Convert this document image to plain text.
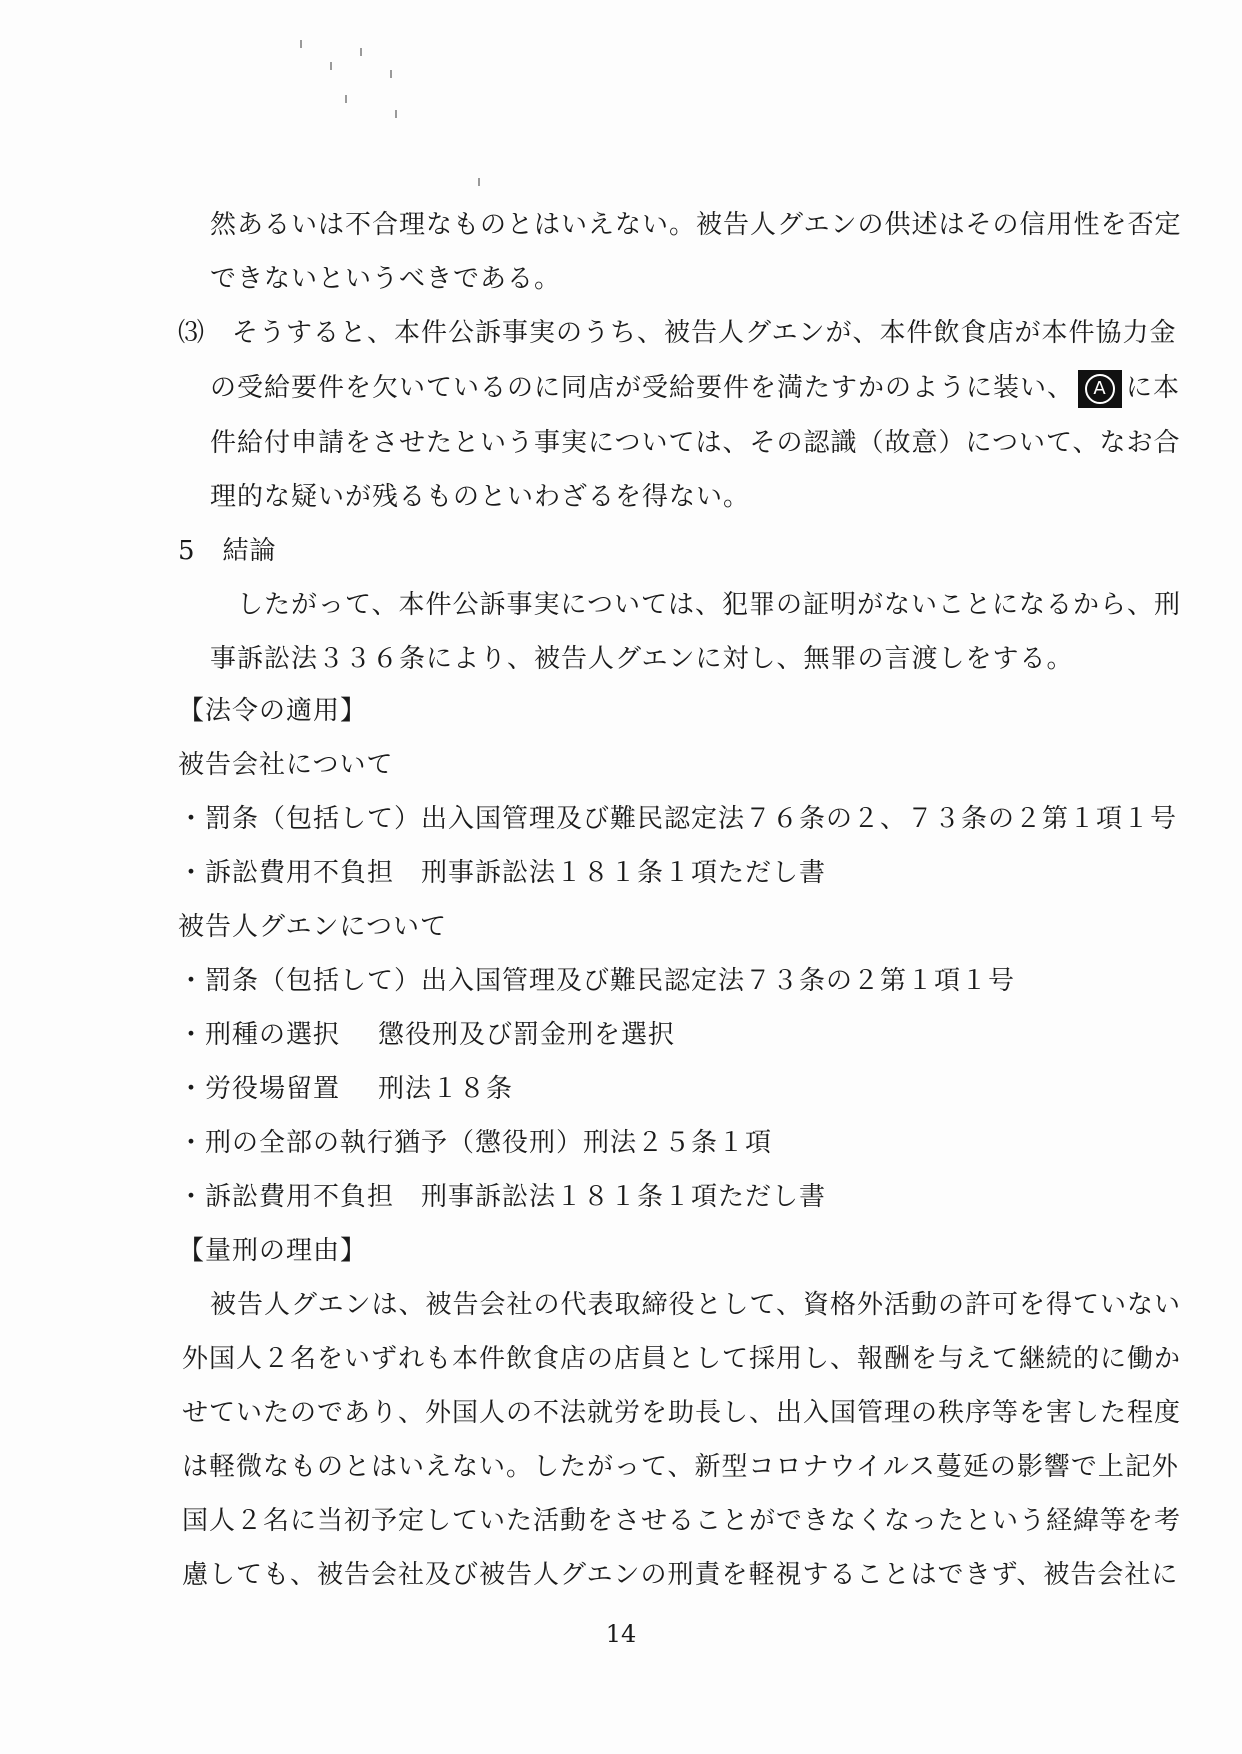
然あるいは不合理なものとはいえない。被告人グエンの供述はその信用性を否定
できないというべきである。
⑶　そうすると、本件公訴事実のうち、被告人グエンが、本件飲食店が本件協力金
の受給要件を欠いているのに同店が受給要件を満たすかのように装い、	A に本
件給付申請をさせたという事実については、その認識（故意）について、なお合
理的な疑いが残るものといわざるを得ない。
5　結論
　したがって、本件公訴事実については、犯罪の証明がないことになるから、刑
事訴訟法３３６条により、被告人グエンに対し、無罪の言渡しをする。
【法令の適用】
被告会社について
・罰条（包括して）出入国管理及び難民認定法７６条の２、７３条の２第１項１号
・訴訟費用不負担　刑事訴訟法１８１条１項ただし書
被告人グエンについて
・罰条（包括して）出入国管理及び難民認定法７３条の２第１項１号
・刑種の選択 懲役刑及び罰金刑を選択
・労役場留置 刑法１８条
・刑の全部の執行猶予（懲役刑）刑法２５条１項
・訴訟費用不負担　刑事訴訟法１８１条１項ただし書
【量刑の理由】
被告人グエンは、被告会社の代表取締役として、資格外活動の許可を得ていない
外国人２名をいずれも本件飲食店の店員として採用し、報酬を与えて継続的に働か
せていたのであり、外国人の不法就労を助長し、出入国管理の秩序等を害した程度
は軽微なものとはいえない。したがって、新型コロナウイルス蔓延の影響で上記外
国人２名に当初予定していた活動をさせることができなくなったという経緯等を考
慮しても、被告会社及び被告人グエンの刑責を軽視することはできず、被告会社に
14
